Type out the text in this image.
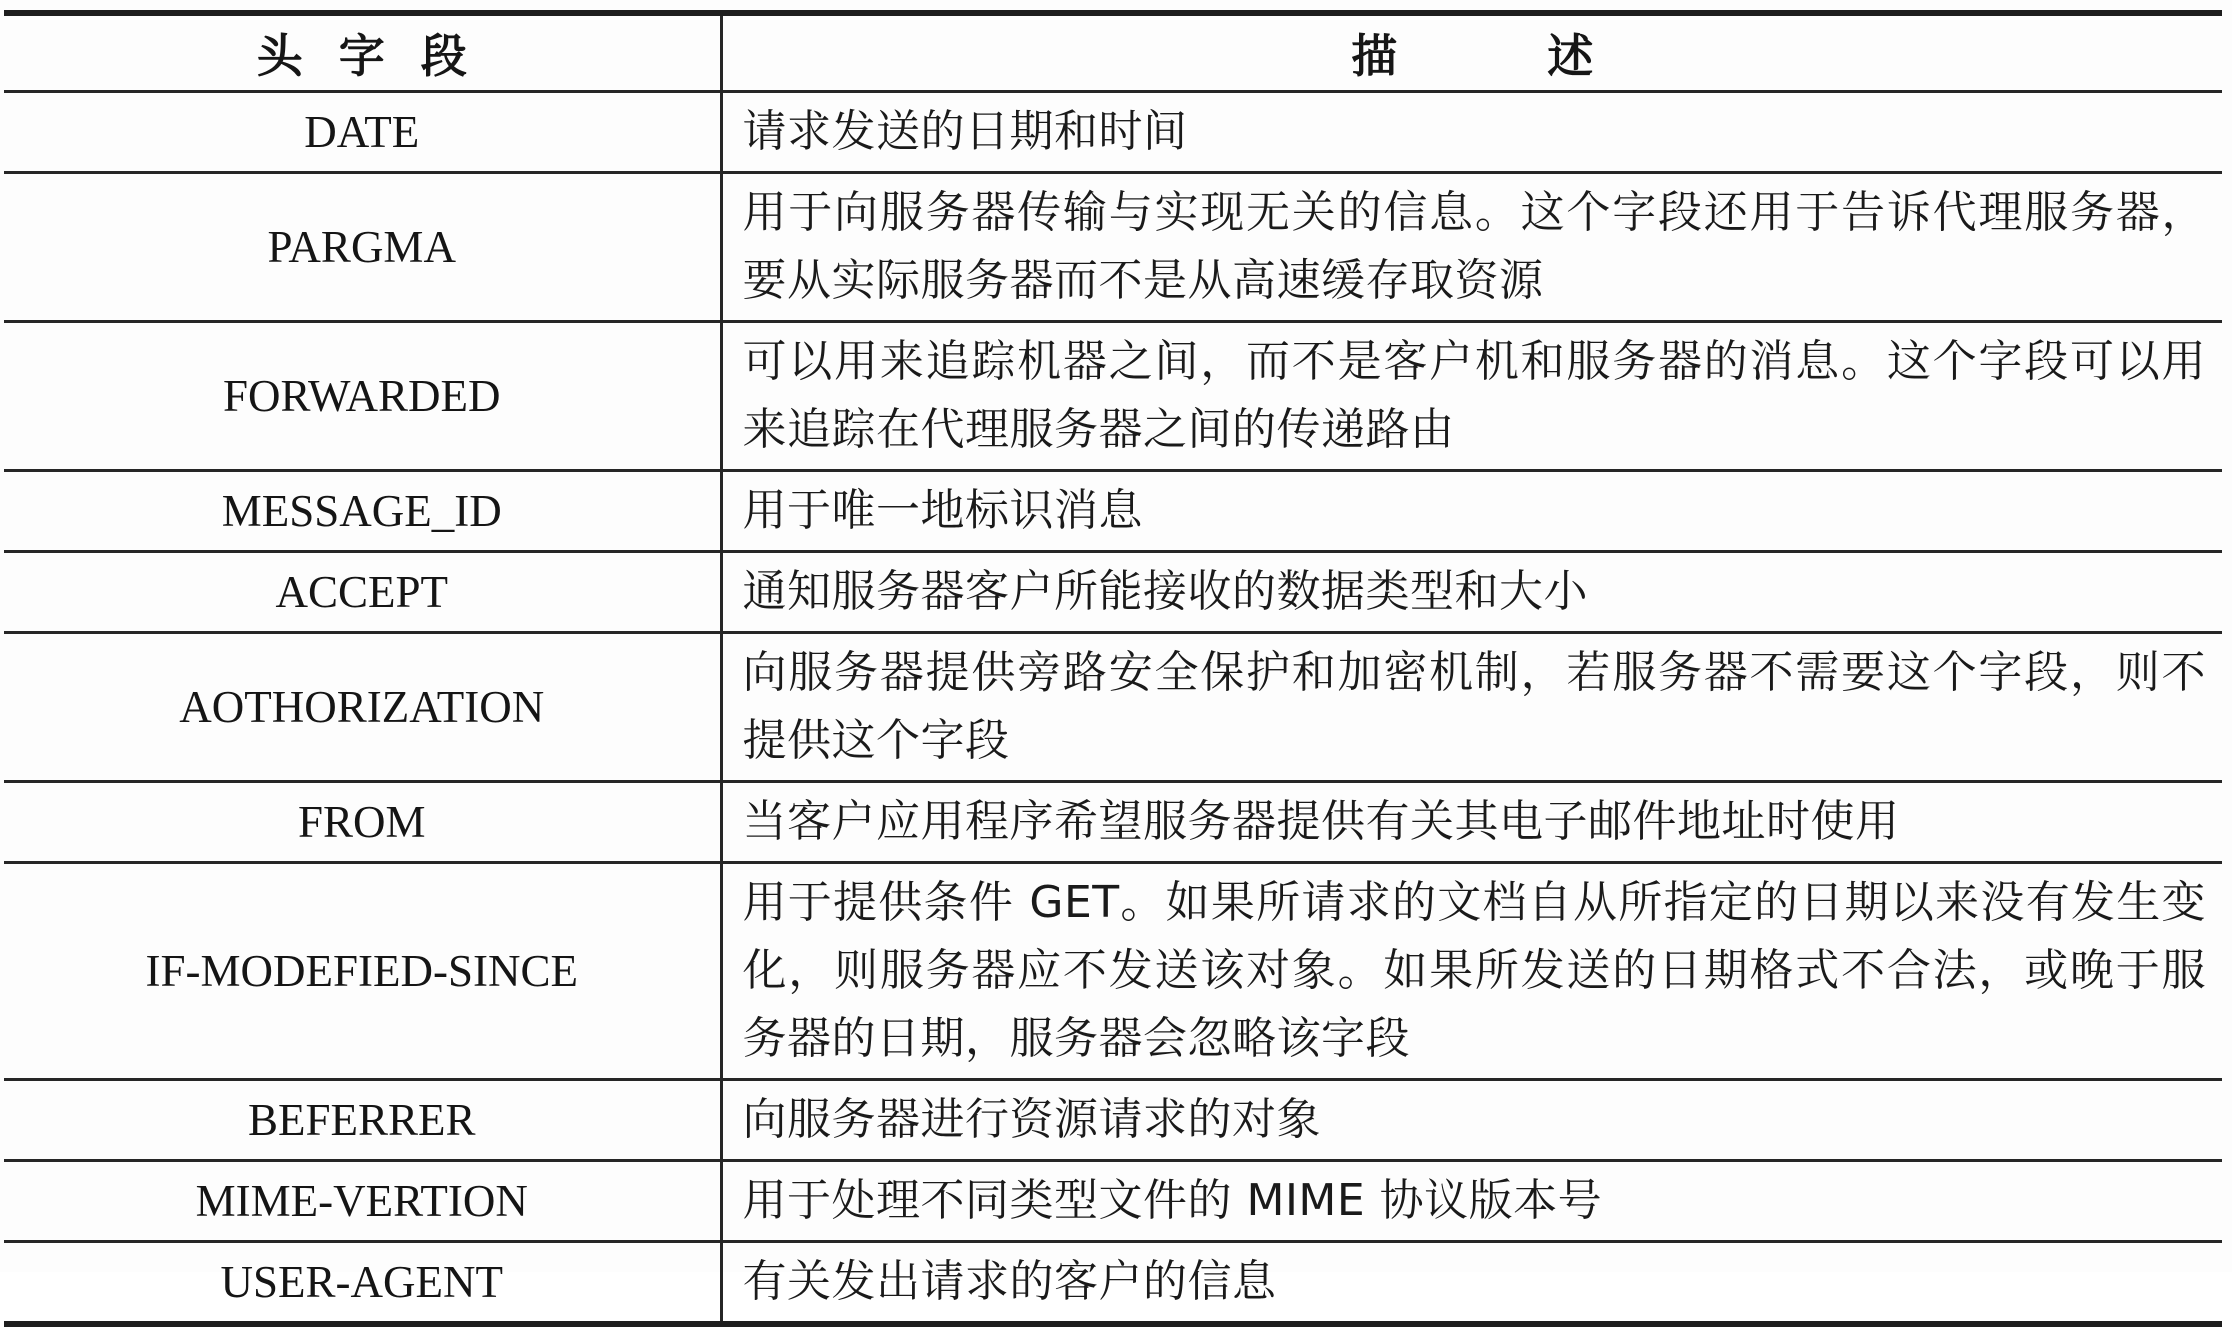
头字段	描述
DATE	请求发送的日期和时间
PARGMA	用于向服务器传输与实现无关的信息。这个字段还用于告诉代理服务器，要从实际服务器而不是从高速缓存取资源
FORWARDED	可以用来追踪机器之间，而不是客户机和服务器的消息。这个字段可以用来追踪在代理服务器之间的传递路由
MESSAGE_ID	用于唯一地标识消息
ACCEPT	通知服务器客户所能接收的数据类型和大小
AOTHORIZATION	向服务器提供旁路安全保护和加密机制，若服务器不需要这个字段，则不提供这个字段
FROM	当客户应用程序希望服务器提供有关其电子邮件地址时使用
IF-MODEFIED-SINCE	用于提供条件 GET。如果所请求的文档自从所指定的日期以来没有发生变化，则服务器应不发送该对象。如果所发送的日期格式不合法，或晚于服务器的日期，服务器会忽略该字段
BEFERRER	向服务器进行资源请求的对象
MIME-VERTION	用于处理不同类型文件的 MIME 协议版本号
USER-AGENT	有关发出请求的客户的信息
